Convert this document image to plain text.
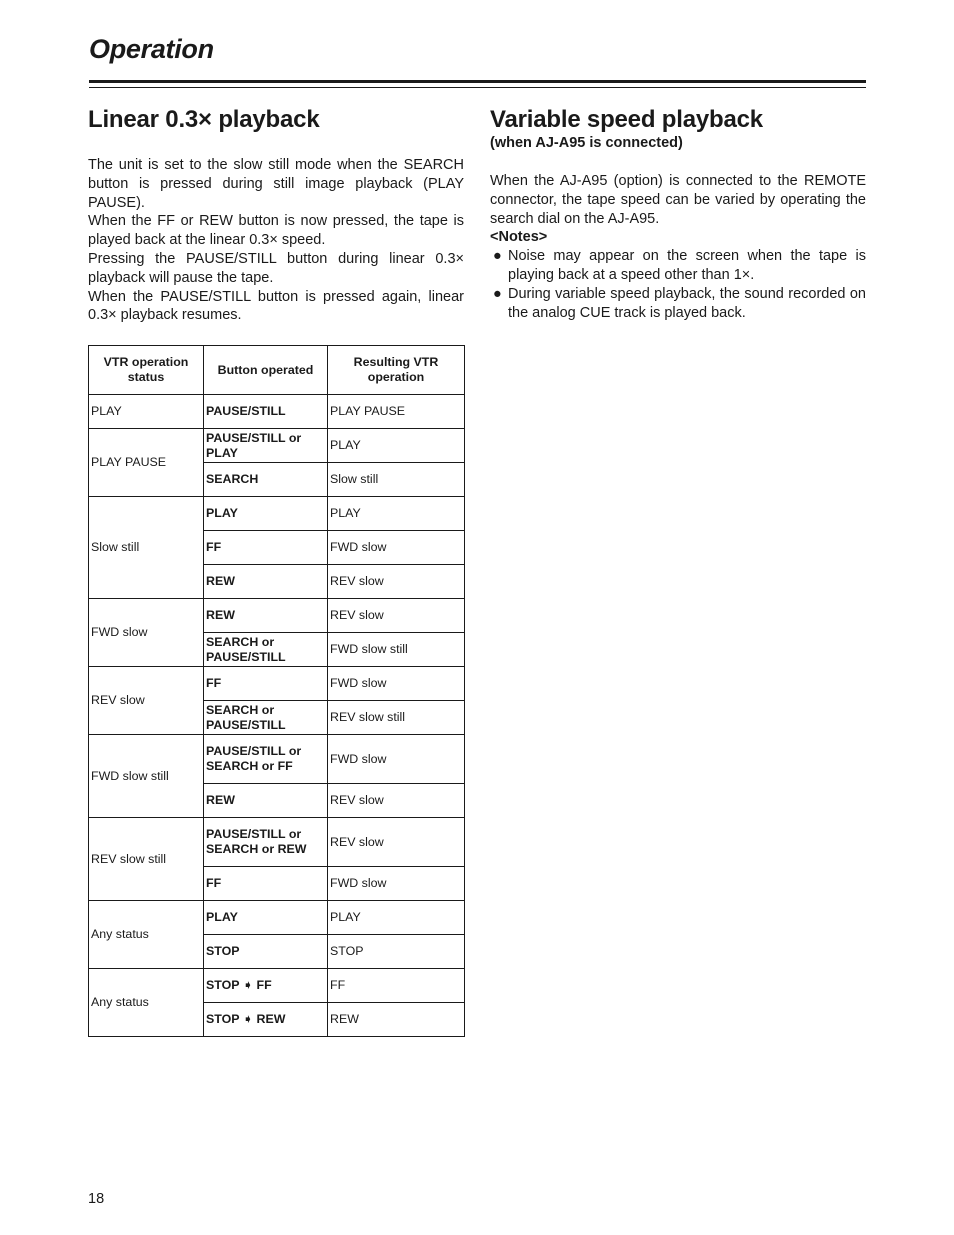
Operation
Linear 0.3× playback

The unit is set to the slow still mode when the SEARCH button is pressed during still image playback (PLAY PAUSE).

When the FF or REW button is now pressed, the tape is played back at the linear 0.3× speed.

Pressing the PAUSE/STILL button during linear 0.3× playback will pause the tape.

When the PAUSE/STILL button is pressed again, linear 0.3× playback resumes.

Variable speed playback
(when AJ-A95 is connected)

When the AJ-A95 (option) is connected to the REMOTE connector, the tape speed can be varied by operating the search dial on the AJ-A95.

<Notes>

● Noise may appear on the screen when the tape is playing back at a speed other than 1×.
● During variable speed playback, the sound recorded on the analog CUE track is played back.
VTR operation status	Button operated	Resulting VTR operation
PLAY	PAUSE/STILL	PLAY PAUSE
PLAY PAUSE	PAUSE/STILL or PLAY	PLAY
	SEARCH	Slow still
Slow still	PLAY	PLAY
	FF	FWD slow
	REW	REV slow
FWD slow	REW	REV slow
	SEARCH or PAUSE/STILL	FWD slow still
REV slow	FF	FWD slow
	SEARCH or PAUSE/STILL	REV slow still
FWD slow still	PAUSE/STILL or SEARCH or FF	FWD slow
	REW	REV slow
REV slow still	PAUSE/STILL or SEARCH or REW	REV slow
	FF	FWD slow
Any status	PLAY	PLAY
	STOP	STOP
Any status	STOP ➧ FF	FF
	STOP ➧ REW	REW
18
